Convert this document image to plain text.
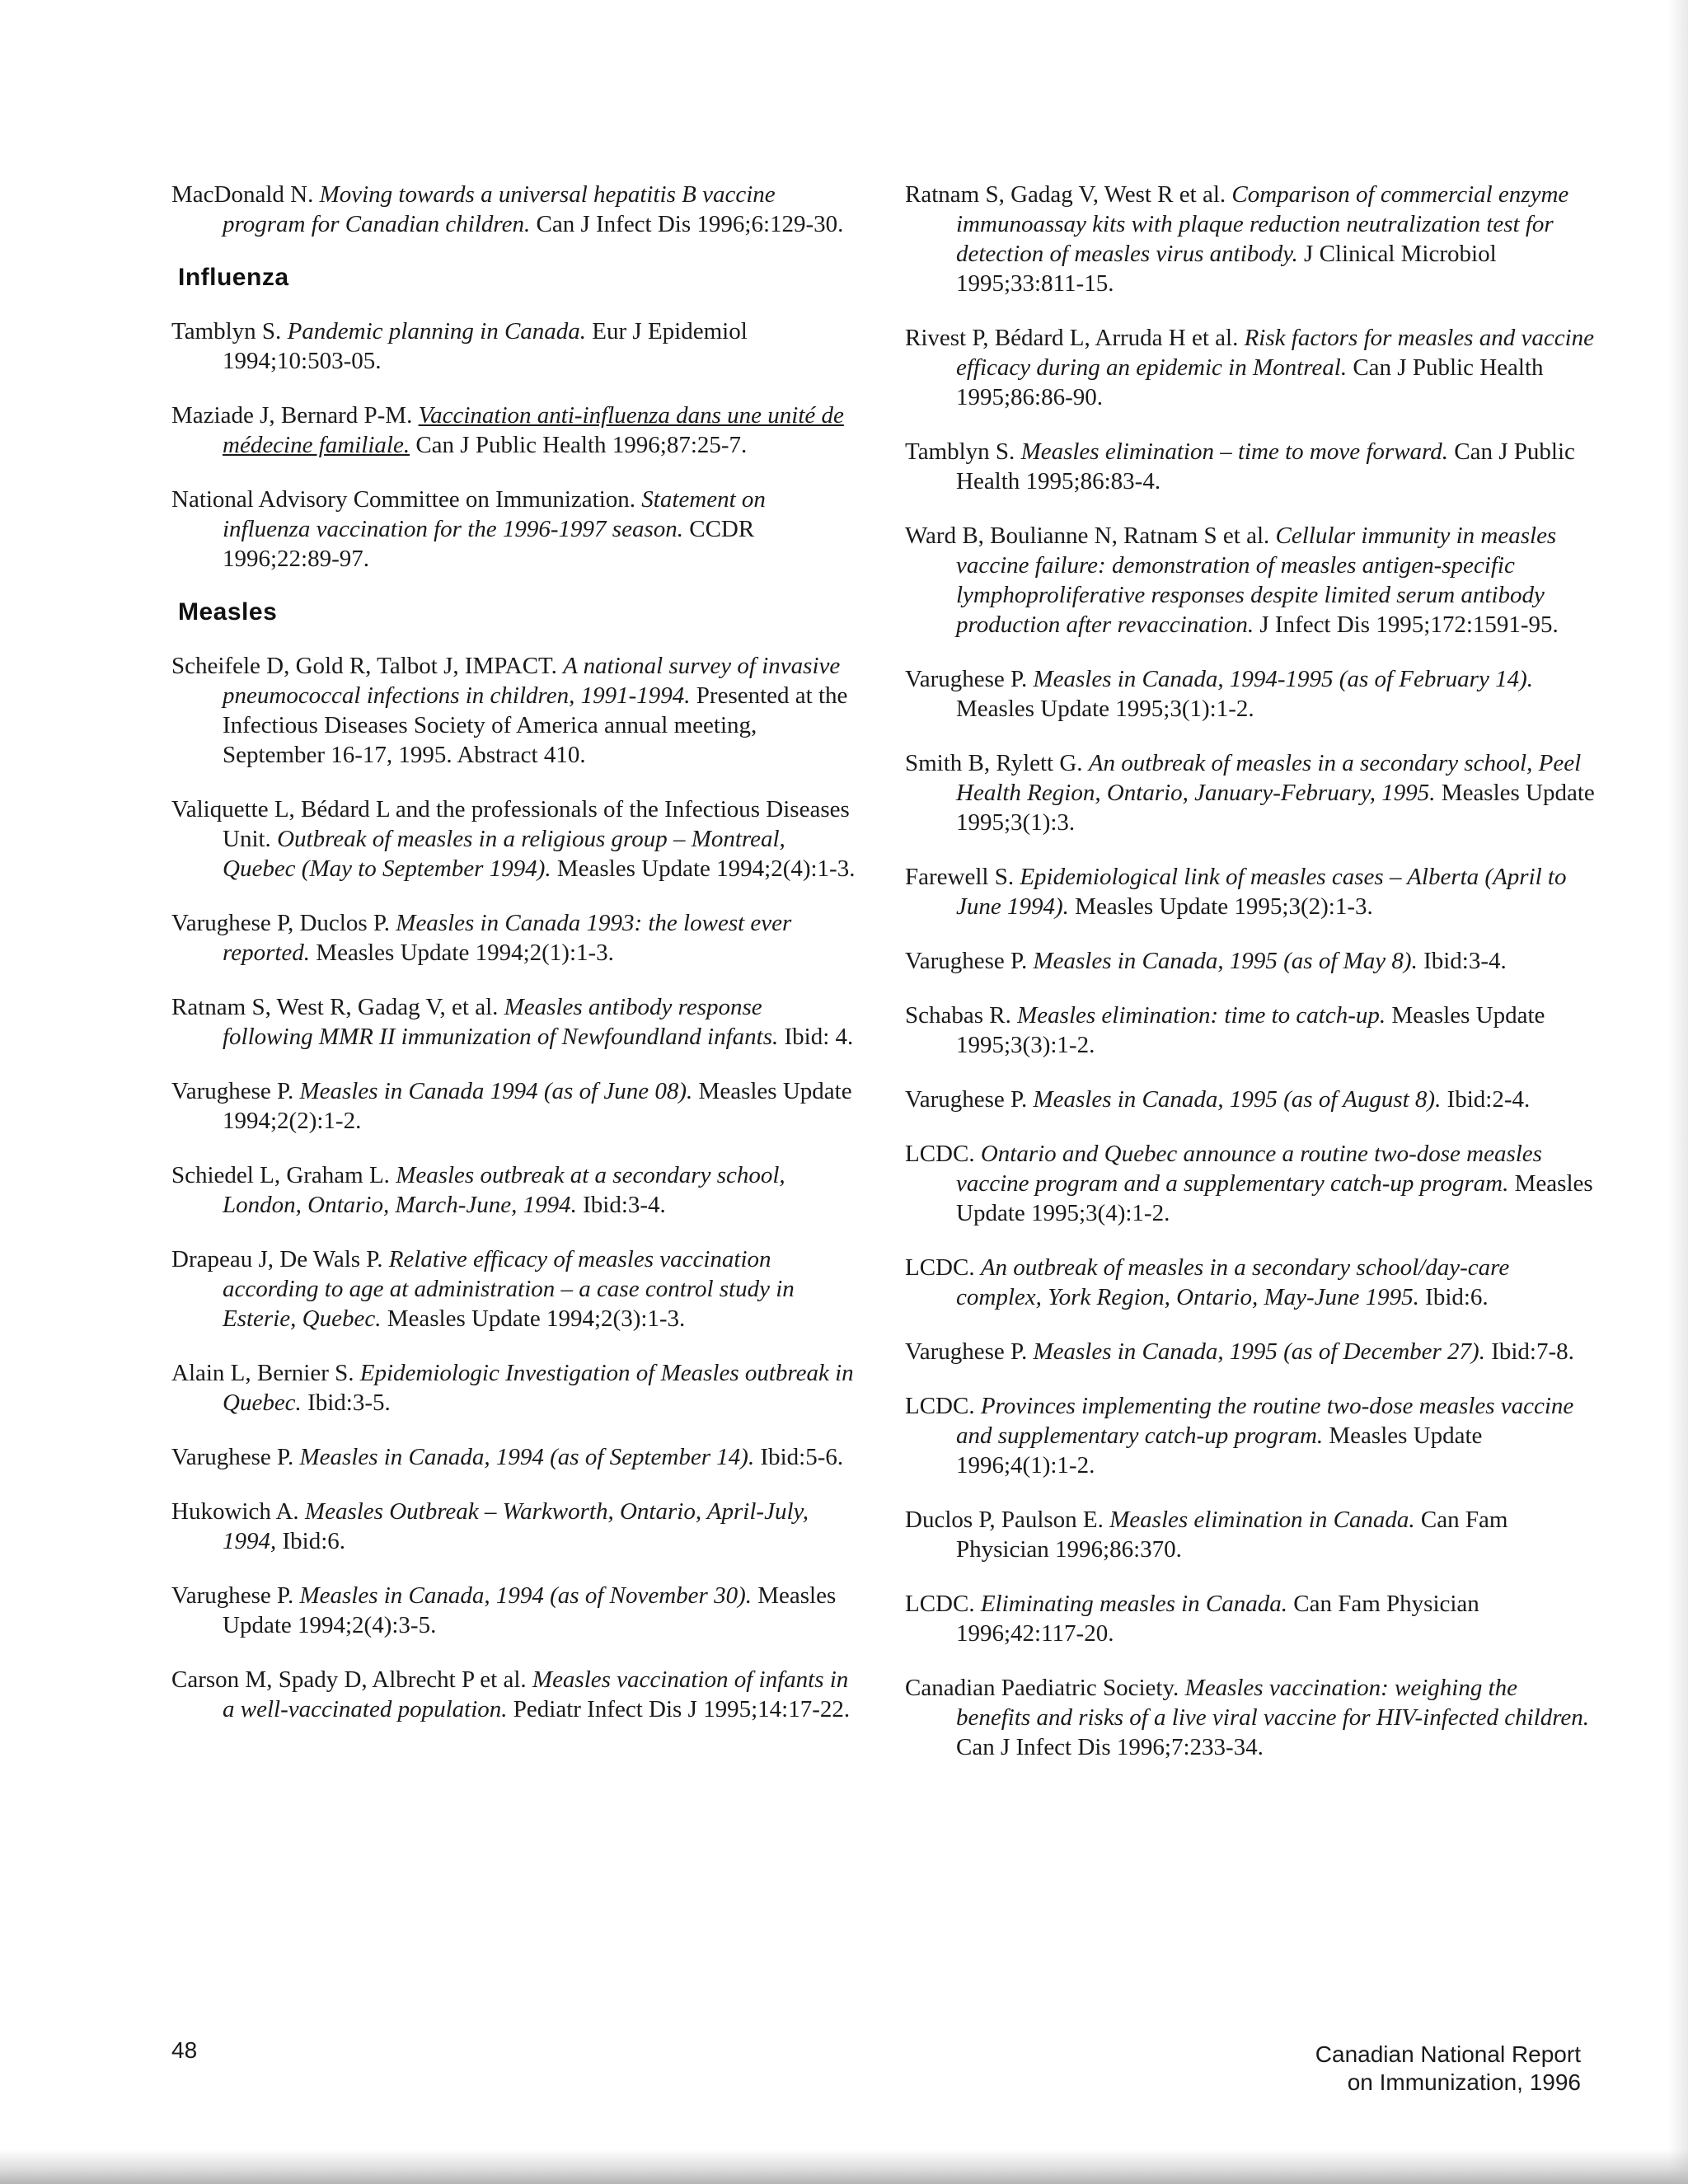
MacDonald N. Moving towards a universal hepatitis B vaccine program for Canadian children. Can J Infect Dis 1996;6:129-30.
Influenza
Tamblyn S. Pandemic planning in Canada. Eur J Epidemiol 1994;10:503-05.
Maziade J, Bernard P-M. Vaccination anti-influenza dans une unité de médecine familiale. Can J Public Health 1996;87:25-7.
National Advisory Committee on Immunization. Statement on influenza vaccination for the 1996-1997 season. CCDR 1996;22:89-97.
Measles
Scheifele D, Gold R, Talbot J, IMPACT. A national survey of invasive pneumococcal infections in children, 1991-1994. Presented at the Infectious Diseases Society of America annual meeting, September 16-17, 1995. Abstract 410.
Valiquette L, Bédard L and the professionals of the Infectious Diseases Unit. Outbreak of measles in a religious group – Montreal, Quebec (May to September 1994). Measles Update 1994;2(4):1-3.
Varughese P, Duclos P. Measles in Canada 1993: the lowest ever reported. Measles Update 1994;2(1):1-3.
Ratnam S, West R, Gadag V, et al. Measles antibody response following MMR II immunization of Newfoundland infants. Ibid: 4.
Varughese P. Measles in Canada 1994 (as of June 08). Measles Update 1994;2(2):1-2.
Schiedel L, Graham L. Measles outbreak at a secondary school, London, Ontario, March-June, 1994. Ibid:3-4.
Drapeau J, De Wals P. Relative efficacy of measles vaccination according to age at administration – a case control study in Esterie, Quebec. Measles Update 1994;2(3):1-3.
Alain L, Bernier S. Epidemiologic Investigation of Measles outbreak in Quebec. Ibid:3-5.
Varughese P. Measles in Canada, 1994 (as of September 14). Ibid:5-6.
Hukowich A. Measles Outbreak – Warkworth, Ontario, April-July, 1994, Ibid:6.
Varughese P. Measles in Canada, 1994 (as of November 30). Measles Update 1994;2(4):3-5.
Carson M, Spady D, Albrecht P et al. Measles vaccination of infants in a well-vaccinated population. Pediatr Infect Dis J 1995;14:17-22.
Ratnam S, Gadag V, West R et al. Comparison of commercial enzyme immunoassay kits with plaque reduction neutralization test for detection of measles virus antibody. J Clinical Microbiol 1995;33:811-15.
Rivest P, Bédard L, Arruda H et al. Risk factors for measles and vaccine efficacy during an epidemic in Montreal. Can J Public Health 1995;86:86-90.
Tamblyn S. Measles elimination – time to move forward. Can J Public Health 1995;86:83-4.
Ward B, Boulianne N, Ratnam S et al. Cellular immunity in measles vaccine failure: demonstration of measles antigen-specific lymphoproliferative responses despite limited serum antibody production after revaccination. J Infect Dis 1995;172:1591-95.
Varughese P. Measles in Canada, 1994-1995 (as of February 14). Measles Update 1995;3(1):1-2.
Smith B, Rylett G. An outbreak of measles in a secondary school, Peel Health Region, Ontario, January-February, 1995. Measles Update 1995;3(1):3.
Farewell S. Epidemiological link of measles cases – Alberta (April to June 1994). Measles Update 1995;3(2):1-3.
Varughese P. Measles in Canada, 1995 (as of May 8). Ibid:3-4.
Schabas R. Measles elimination: time to catch-up. Measles Update 1995;3(3):1-2.
Varughese P. Measles in Canada, 1995 (as of August 8). Ibid:2-4.
LCDC. Ontario and Quebec announce a routine two-dose measles vaccine program and a supplementary catch-up program. Measles Update 1995;3(4):1-2.
LCDC. An outbreak of measles in a secondary school/day-care complex, York Region, Ontario, May-June 1995. Ibid:6.
Varughese P. Measles in Canada, 1995 (as of December 27). Ibid:7-8.
LCDC. Provinces implementing the routine two-dose measles vaccine and supplementary catch-up program. Measles Update 1996;4(1):1-2.
Duclos P, Paulson E. Measles elimination in Canada. Can Fam Physician 1996;86:370.
LCDC. Eliminating measles in Canada. Can Fam Physician 1996;42:117-20.
Canadian Paediatric Society. Measles vaccination: weighing the benefits and risks of a live viral vaccine for HIV-infected children. Can J Infect Dis 1996;7:233-34.
48	Canadian National Report
on Immunization, 1996
